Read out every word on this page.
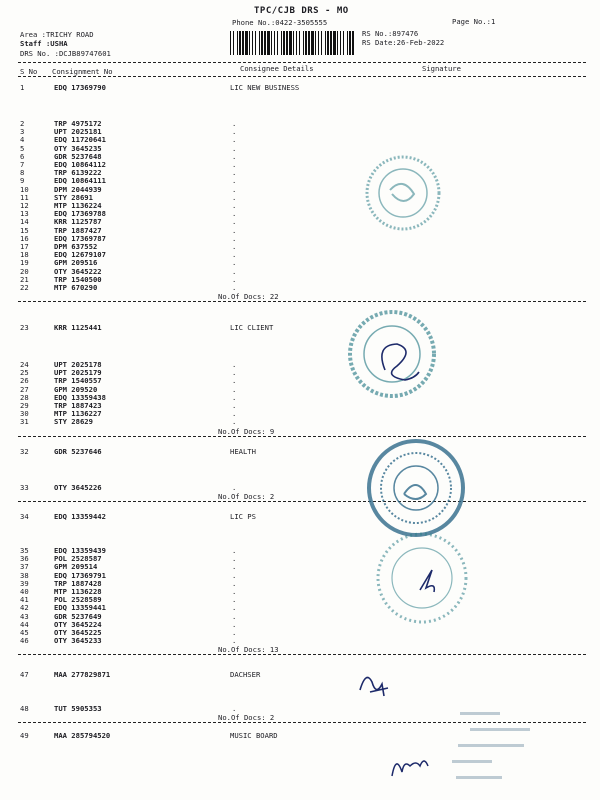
TPC/CJB DRS - MO
Phone No.:0422-3505555	Page No.:1
Area :TRICHY ROAD
Staff :USHA
DRS No. :DCJB89747601
RS No.:897476
RS Date:26-Feb-2022
S No Consignment No	Consignee Details	Signature
1	EDQ 17369790	LIC NEW BUSINESS
2	TRP 4975172	.
3	UPT 2025181	.
4	EDQ 11720641	.
5	OTY 3645235	.
6	GDR 5237648	.
7	EDQ 10864112	.
8	TRP 6139222	.
9	EDQ 10864111	.
10	DPM 2044939	.
11	STY 28691	.
12	MTP 1136224	.
13	EDQ 17369788	.
14	KRR 1125787	.
15	TRP 1887427	.
16	EDQ 17369787	.
17	DPM 637552	.
18	EDQ 12679107	.
19	GPM 209516	.
20	OTY 3645222	.
21	TRP 1540500	.
22	MTP 670290	.
No.Of Docs: 22
23	KRR 1125441	LIC CLIENT
24	UPT 2025178	.
25	UPT 2025179	.
26	TRP 1540557	.
27	GPM 209520	.
28	EDQ 13359438	.
29	TRP 1887423	.
30	MTP 1136227	.
31	STY 28629	.
No.Of Docs: 9
32	GDR 5237646	HEALTH
33	OTY 3645226	.
No.Of Docs: 2
34	EDQ 13359442	LIC PS
35	EDQ 13359439	.
36	POL 2528587	.
37	GPM 209514	.
38	EDQ 17369791	.
39	TRP 1887428	.
40	MTP 1136228	.
41	POL 2528589	.
42	EDQ 13359441	.
43	GDR 5237649	.
44	OTY 3645224	.
45	OTY 3645225	.
46	OTY 3645233	.
No.Of Docs: 13
47	MAA 277829871	DACHSER
48	TUT 5905353	.
No.Of Docs: 2
49	MAA 285794520	MUSIC BOARD
